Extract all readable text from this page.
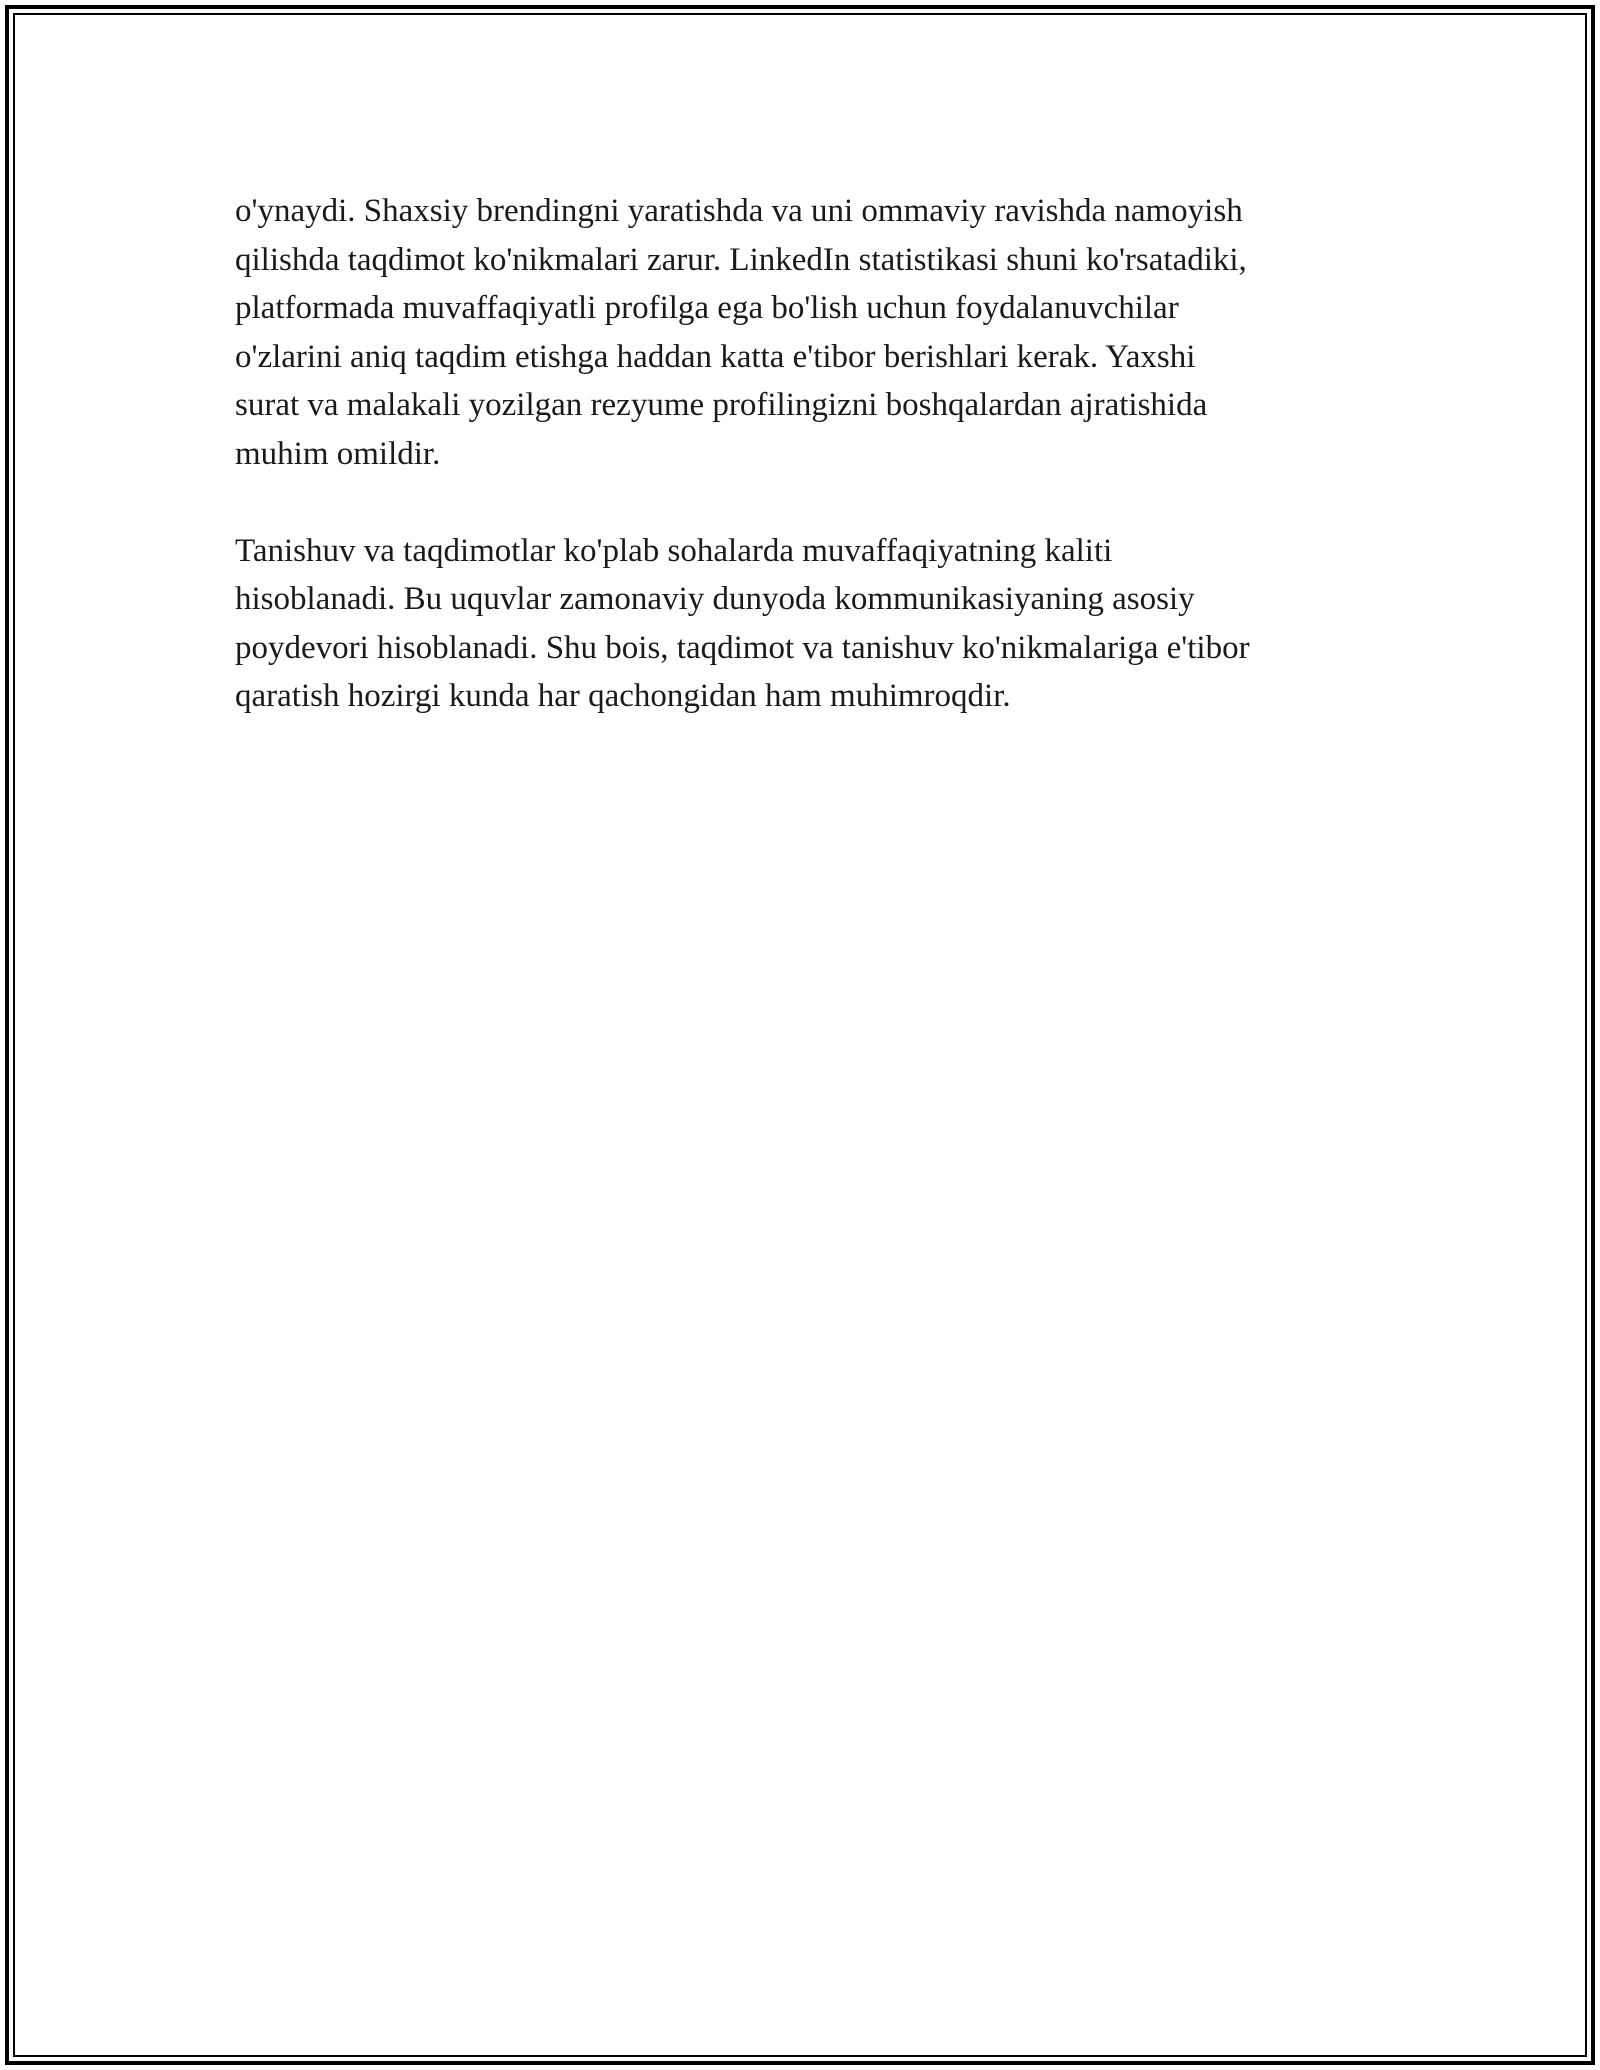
o'ynaydi. Shaxsiy brendingni yaratishda va uni ommaviy ravishda namoyish
qilishda taqdimot ko'nikmalari zarur. LinkedIn statistikasi shuni ko'rsatadiki,
platformada muvaffaqiyatli profilga ega bo'lish uchun foydalanuvchilar
o'zlarini aniq taqdim etishga haddan katta e'tibor berishlari kerak. Yaxshi
surat va malakali yozilgan rezyume profilingizni boshqalardan ajratishida
muhim omildir.

Tanishuv va taqdimotlar ko'plab sohalarda muvaffaqiyatning kaliti
hisoblanadi. Bu uquvlar zamonaviy dunyoda kommunikasiyaning asosiy
poydevori hisoblanadi. Shu bois, taqdimot va tanishuv ko'nikmalariga e'tibor
qaratish hozirgi kunda har qachongidan ham muhimroqdir.
